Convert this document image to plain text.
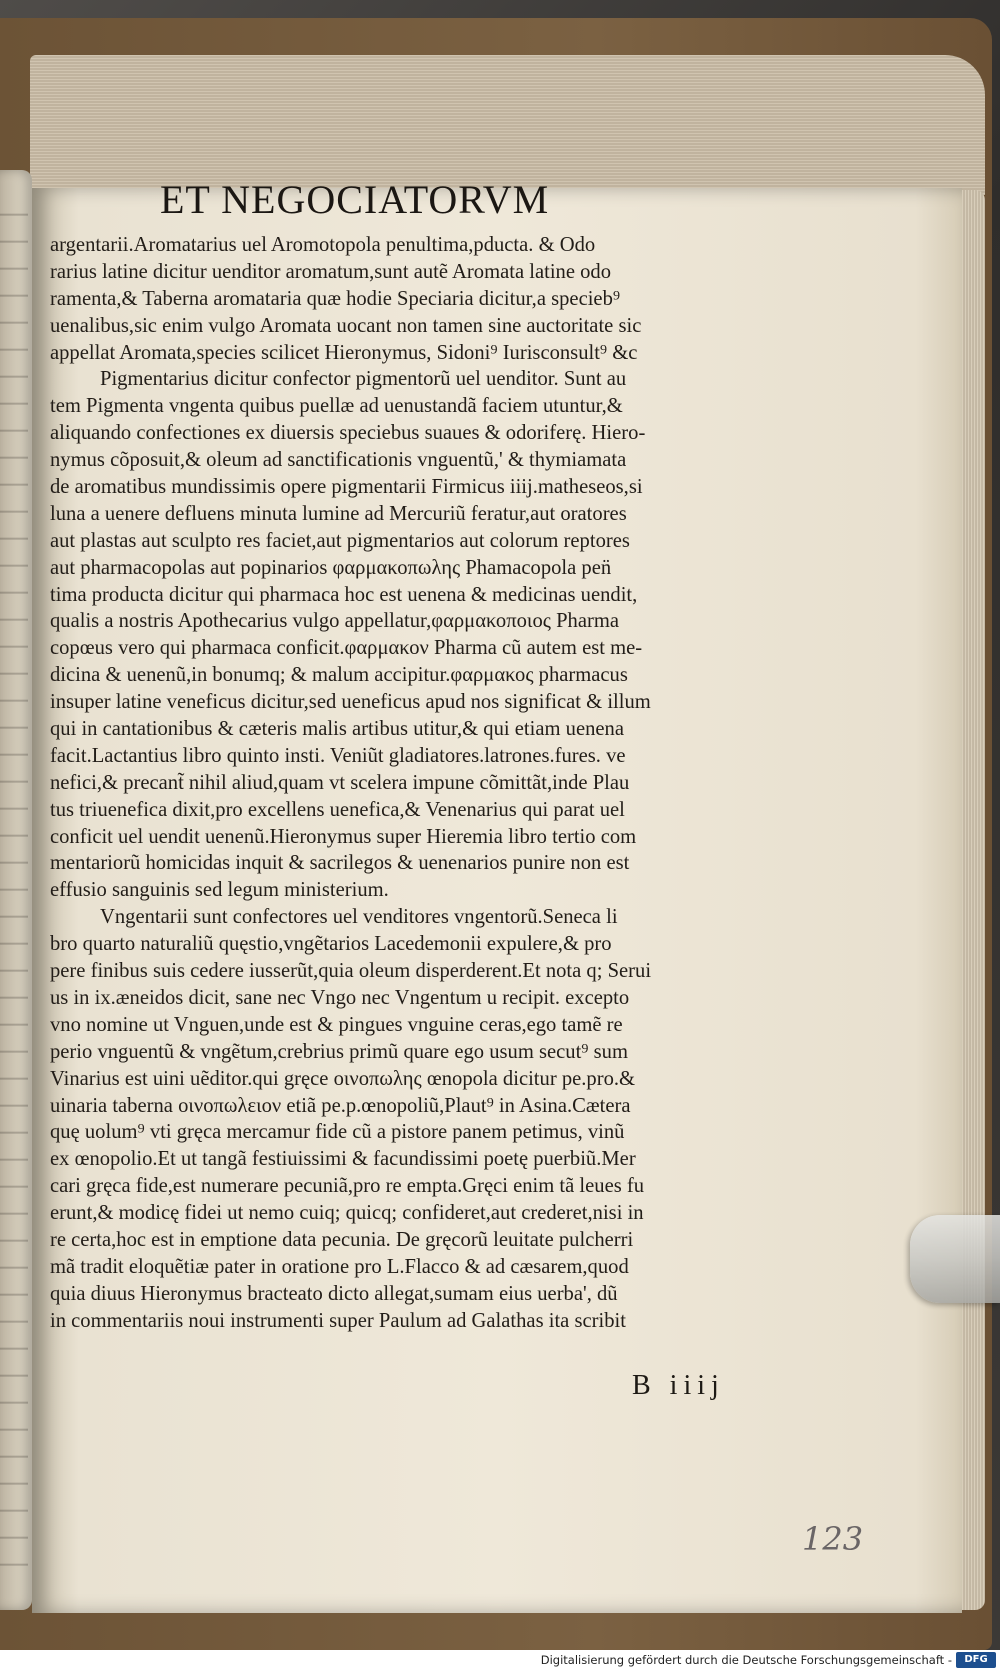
ET NEGOCIATORVM
argentarii.Aromatarius uel Aromotopola penultima,pducta. & Odo
rarius latine dicitur uenditor aromatum,sunt autẽ Aromata latine odo
ramenta,& Taberna aromataria quæ hodie Speciaria dicitur,a specieb⁹
uenalibus,sic enim vulgo Aromata uocant non tamen sine auctoritate sic
appellat Aromata,species scilicet Hieronymus, Sidoni⁹ Iurisconsult⁹ &c
Pigmentarius dicitur confector pigmentorũ uel uenditor. Sunt au
tem Pigmenta vngenta quibus puellæ ad uenustandã faciem utuntur,&
aliquando confectiones ex diuersis speciebus suaues & odoriferę. Hiero-
nymus cõposuit,& oleum ad sanctificationis vnguentũ,' & thymiamata
de aromatibus mundissimis opere pigmentarii Firmicus iiij.matheseos,si
luna a uenere defluens minuta lumine ad Mercuriũ feratur,aut oratores
aut plastas aut sculpto res faciet,aut pigmentarios aut colorum reptores
aut pharmacopolas aut popinarios φαρμακοπωλης Phamacopola pen̈
tima producta dicitur qui pharmaca hoc est uenena & medicinas uendit,
qualis a nostris Apothecarius vulgo appellatur,φαρμακοποιος Pharma
copœus vero qui pharmaca conficit.φαρμακον Pharma cũ autem est me-
dicina & uenenũ,in bonumq; & malum accipitur.φαρμακος pharmacus
insuper latine veneficus dicitur,sed ueneficus apud nos significat & illum
qui in cantationibus & cæteris malis artibus utitur,& qui etiam uenena
facit.Lactantius libro quinto insti. Veniũt gladiatores.latrones.fures. ve
nefici,& precant̃ nihil aliud,quam vt scelera impune cõmittãt,inde Plau
tus triuenefica dixit,pro excellens uenefica,& Venenarius qui parat uel
conficit uel uendit uenenũ.Hieronymus super Hieremia libro tertio com
mentariorũ homicidas inquit & sacrilegos & uenenarios punire non est
effusio sanguinis sed legum ministerium.
Vngentarii sunt confectores uel venditores vngentorũ.Seneca li
bro quarto naturaliũ quęstio,vngẽtarios Lacedemonii expulere,& pro
pere finibus suis cedere iusserũt,quia oleum disperderent.Et nota q; Serui
us in ix.æneidos dicit, sane nec Vngo nec Vngentum u recipit. excepto
vno nomine ut Vnguen,unde est & pingues vnguine ceras,ego tamẽ re
perio vnguentũ & vngẽtum,crebrius primũ quare ego usum secut⁹ sum
Vinarius est uini uẽditor.qui gręce οινοπωλης œnopola dicitur pe.pro.&
uinaria taberna οινοπωλειον etiã pe.p.œnopoliũ,Plaut⁹ in Asina.Cætera
quę uolum⁹ vti gręca mercamur fide cũ a pistore panem petimus, vinũ
ex œnopolio.Et ut tangã festiuissimi & facundissimi poetę puerbiũ.Mer
cari gręca fide,est numerare pecuniã,pro re empta.Gręci enim tã leues fu
erunt,& modicę fidei ut nemo cuiq; quicq; confideret,aut crederet,nisi in
re certa,hoc est in emptione data pecunia. De gręcorũ leuitate pulcherri
mã tradit eloquẽtiæ pater in oratione pro L.Flacco & ad cæsarem,quod
quia diuus Hieronymus bracteato dicto allegat,sumam eius uerba', dũ
in commentariis noui instrumenti super Paulum ad Galathas ita scribit
B iiij
123
Digitalisierung gefördert durch die Deutsche Forschungsgemeinschaft -	DFG
